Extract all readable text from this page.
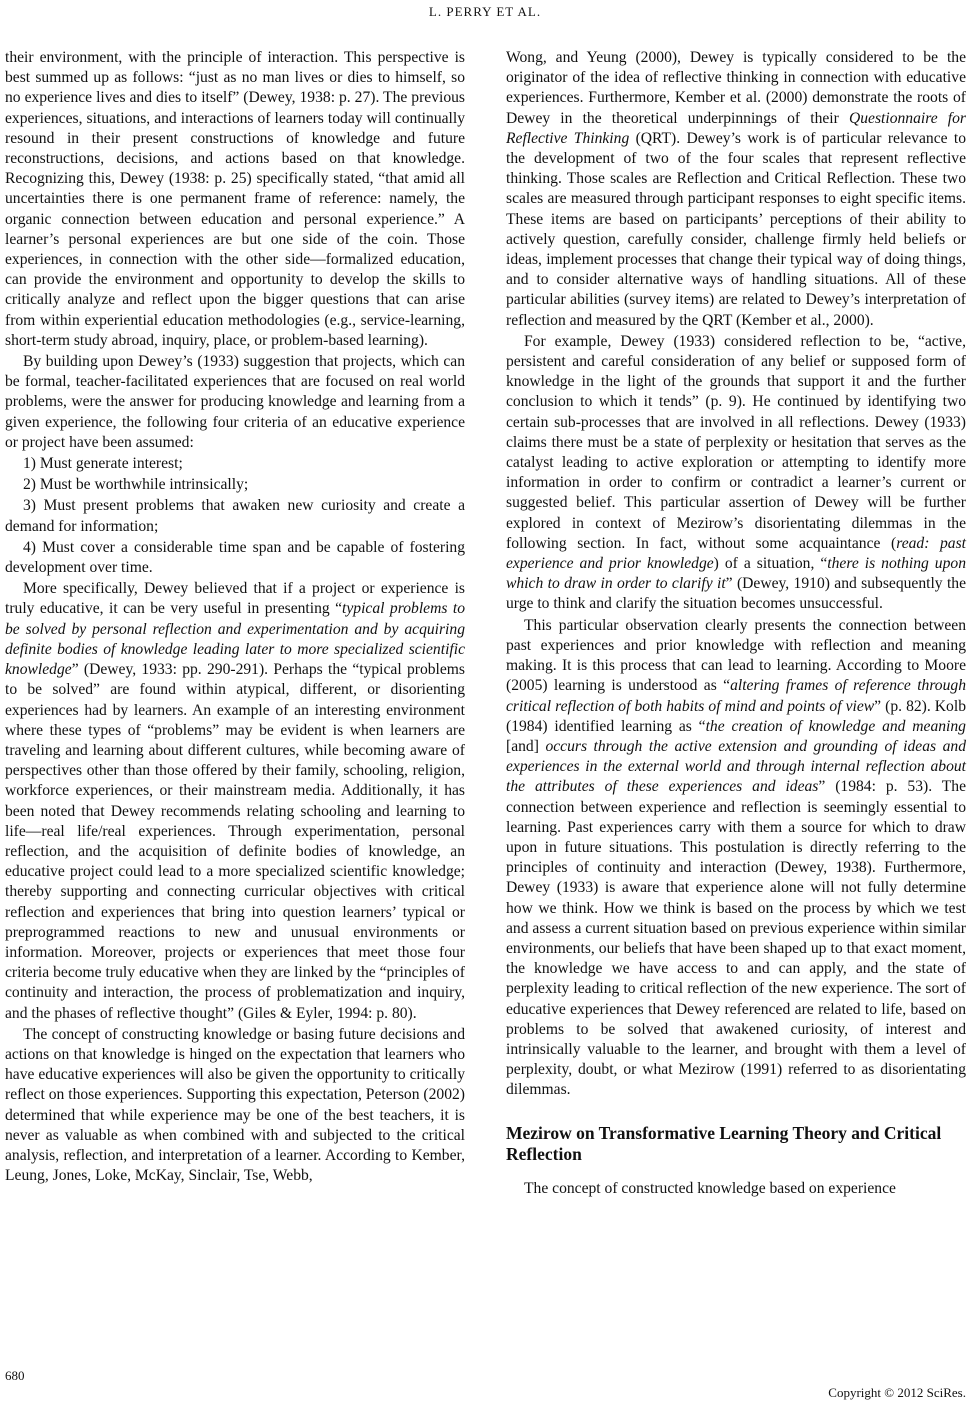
L. PERRY ET AL.

their environment, with the principle of interaction. This perspective is best summed up as follows: “just as no man lives or dies to himself, so no experience lives and dies to itself” (Dewey, 1938: p. 27). The previous experiences, situations, and interactions of learners today will continually resound in their present constructions of knowledge and future reconstructions, decisions, and actions based on that knowledge. Recognizing this, Dewey (1938: p. 25) specifically stated, “that amid all uncertainties there is one permanent frame of reference: namely, the organic connection between education and personal experience.” A learner’s personal experiences are but one side of the coin. Those experiences, in connection with the other side—formalized education, can provide the environment and opportunity to develop the skills to critically analyze and reflect upon the bigger questions that can arise from within experiential education methodologies (e.g., service-learning, short-term study abroad, inquiry, place, or problem-based learning).

By building upon Dewey’s (1933) suggestion that projects, which can be formal, teacher-facilitated experiences that are focused on real world problems, were the answer for producing knowledge and learning from a given experience, the following four criteria of an educative experience or project have been assumed:

1) Must generate interest;

2) Must be worthwhile intrinsically;

3) Must present problems that awaken new curiosity and create a demand for information;

4) Must cover a considerable time span and be capable of fostering development over time.

More specifically, Dewey believed that if a project or experience is truly educative, it can be very useful in presenting “typical problems to be solved by personal reflection and experimentation and by acquiring definite bodies of knowledge leading later to more specialized scientific knowledge” (Dewey, 1933: pp. 290-291). Perhaps the “typical problems to be solved” are found within atypical, different, or disorienting experiences had by learners. An example of an interesting environment where these types of “problems” may be evident is when learners are traveling and learning about different cultures, while becoming aware of perspectives other than those offered by their family, schooling, religion, workforce experiences, or their mainstream media. Additionally, it has been noted that Dewey recommends relating schooling and learning to life—real life/real experiences. Through experimentation, personal reflection, and the acquisition of definite bodies of knowledge, an educative project could lead to a more specialized scientific knowledge; thereby supporting and connecting curricular objectives with critical reflection and experiences that bring into question learners’ typical or preprogrammed reactions to new and unusual environments or information. Moreover, projects or experiences that meet those four criteria become truly educative when they are linked by the “principles of continuity and interaction, the process of problematization and inquiry, and the phases of reflective thought” (Giles & Eyler, 1994: p. 80).

The concept of constructing knowledge or basing future decisions and actions on that knowledge is hinged on the expectation that learners who have educative experiences will also be given the opportunity to critically reflect on those experiences. Supporting this expectation, Peterson (2002) determined that while experience may be one of the best teachers, it is never as valuable as when combined with and subjected to the critical analysis, reflection, and interpretation of a learner. According to Kember, Leung, Jones, Loke, McKay, Sinclair, Tse, Webb,

Wong, and Yeung (2000), Dewey is typically considered to be the originator of the idea of reflective thinking in connection with educative experiences. Furthermore, Kember et al. (2000) demonstrate the roots of Dewey in the theoretical underpinnings of their Questionnaire for Reflective Thinking (QRT). Dewey’s work is of particular relevance to the development of two of the four scales that represent reflective thinking. Those scales are Reflection and Critical Reflection. These two scales are measured through participant responses to eight specific items. These items are based on participants’ perceptions of their ability to actively question, carefully consider, challenge firmly held beliefs or ideas, implement processes that change their typical way of doing things, and to consider alternative ways of handling situations. All of these particular abilities (survey items) are related to Dewey’s interpretation of reflection and measured by the QRT (Kember et al., 2000).

For example, Dewey (1933) considered reflection to be, “active, persistent and careful consideration of any belief or supposed form of knowledge in the light of the grounds that support it and the further conclusion to which it tends” (p. 9). He continued by identifying two certain sub-processes that are involved in all reflections. Dewey (1933) claims there must be a state of perplexity or hesitation that serves as the catalyst leading to active exploration or attempting to identify more information in order to confirm or contradict a learner’s current or suggested belief. This particular assertion of Dewey will be further explored in context of Mezirow’s disorientating dilemmas in the following section. In fact, without some acquaintance (read: past experience and prior knowledge) of a situation, “there is nothing upon which to draw in order to clarify it” (Dewey, 1910) and subsequently the urge to think and clarify the situation becomes unsuccessful.

This particular observation clearly presents the connection between past experiences and prior knowledge with reflection and meaning making. It is this process that can lead to learning. According to Moore (2005) learning is understood as “altering frames of reference through critical reflection of both habits of mind and points of view” (p. 82). Kolb (1984) identified learning as “the creation of knowledge and meaning [and] occurs through the active extension and grounding of ideas and experiences in the external world and through internal reflection about the attributes of these experiences and ideas” (1984: p. 53). The connection between experience and reflection is seemingly essential to learning. Past experiences carry with them a source for which to draw upon in future situations. This postulation is directly referring to the principles of continuity and interaction (Dewey, 1938). Furthermore, Dewey (1933) is aware that experience alone will not fully determine how we think. How we think is based on the process by which we test and assess a current situation based on previous experience within similar environments, our beliefs that have been shaped up to that exact moment, the knowledge we have access to and can apply, and the state of perplexity leading to critical reflection of the new experience. The sort of educative experiences that Dewey referenced are related to life, based on problems to be solved that awakened curiosity, of interest and intrinsically valuable to the learner, and brought with them a level of perplexity, doubt, or what Mezirow (1991) referred to as disorientating dilemmas.

Mezirow on Transformative Learning Theory and Critical Reflection

The concept of constructed knowledge based on experience

680
Copyright © 2012 SciRes.
